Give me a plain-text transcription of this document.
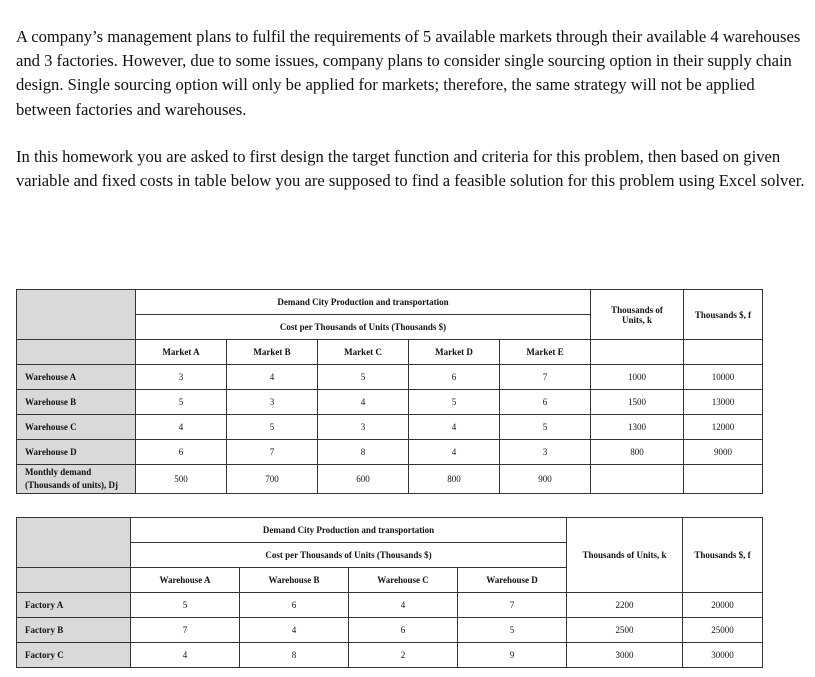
A company’s management plans to fulfil the requirements of 5 available markets through their available 4 warehouses and 3 factories. However, due to some issues, company plans to consider single sourcing option in their supply chain design. Single sourcing option will only be applied for markets; therefore, the same strategy will not be applied between factories and warehouses.

In this homework you are asked to first design the target function and criteria for this problem, then based on given variable and fixed costs in table below you are supposed to find a feasible solution for this problem using Excel solver.

	Demand City Production and transportation					Thousands of Units, k	Thousands $, f
	Cost per Thousands of Units (Thousands $)						
	Market A	Market B	Market C	Market D	Market E		
Warehouse A	3	4	5	6	7	1000	10000
Warehouse B	5	3	4	5	6	1500	13000
Warehouse C	4	5	3	4	5	1300	12000
Warehouse D	6	7	8	4	3	800	9000
Monthly demand
(Thousands of units), Dj	500	700	600	800	900		
	Demand City Production and transportation				Thousands of Units, k	Thousands $, f
	Cost per Thousands of Units (Thousands $)					
	Warehouse A	Warehouse B	Warehouse C	Warehouse D		
Factory A	5	6	4	7	2200	20000
Factory B	7	4	6	5	2500	25000
Factory C	4	8	2	9	3000	30000
